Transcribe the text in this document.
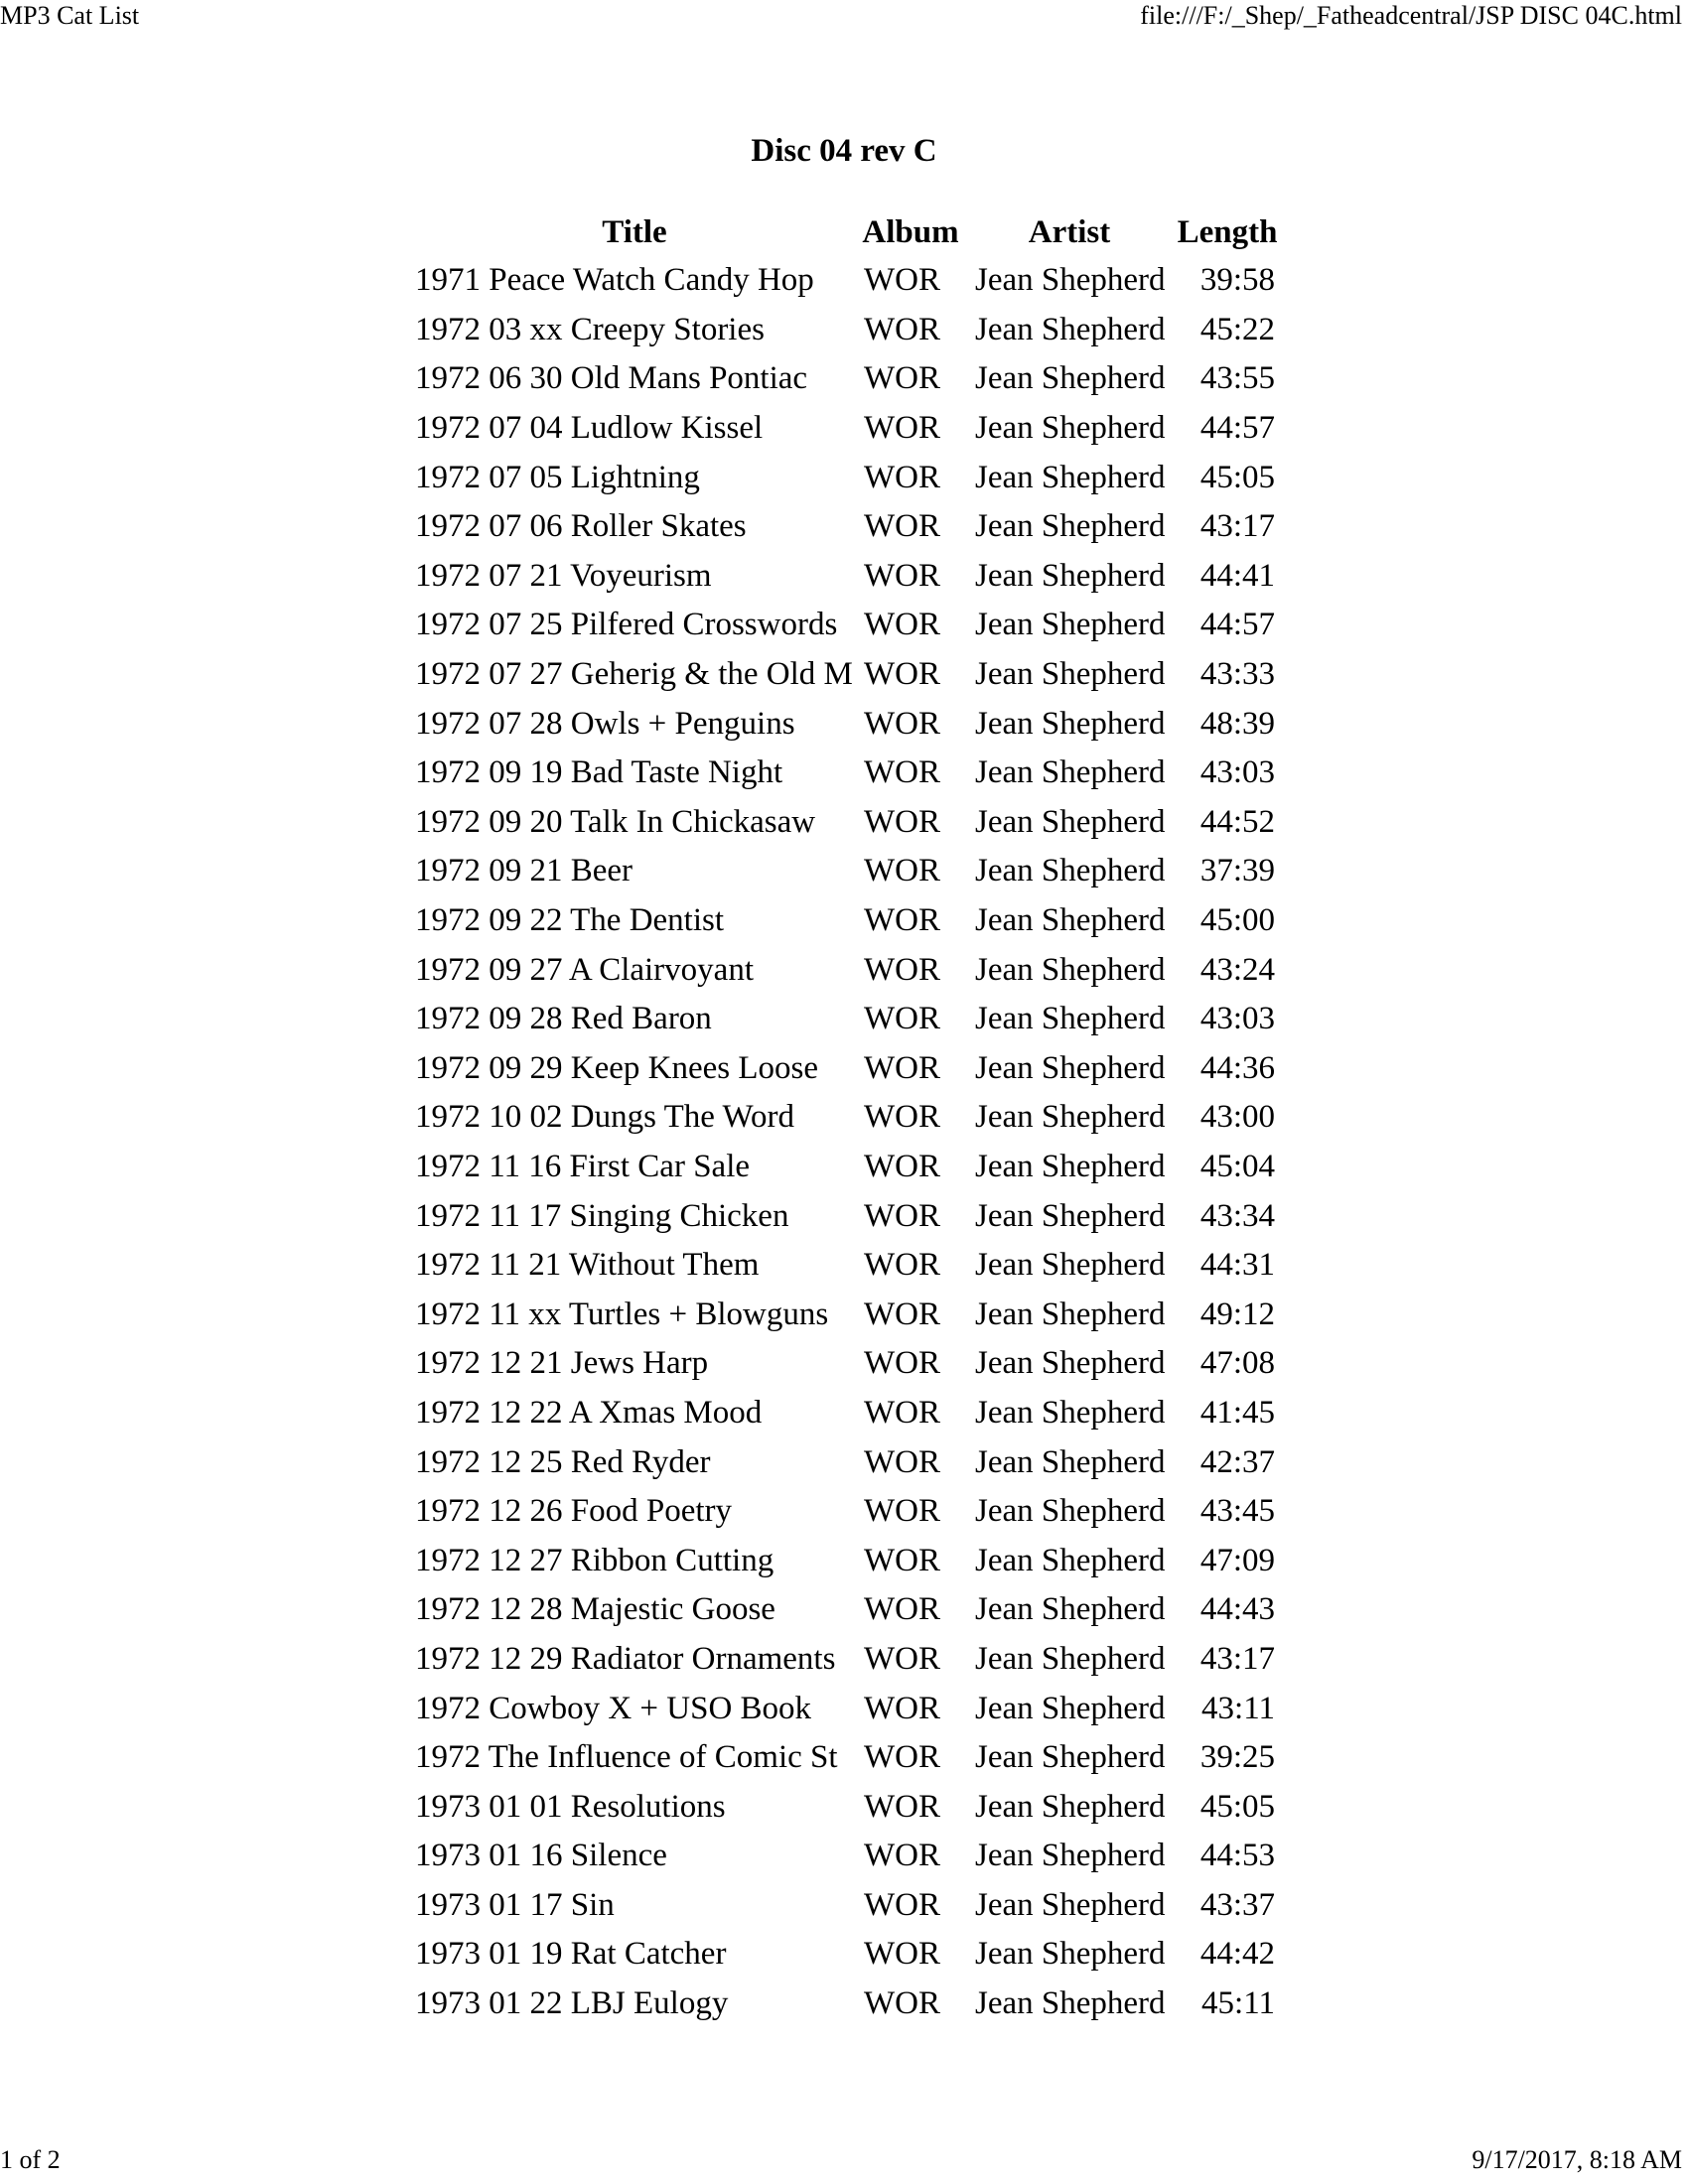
MP3 Cat List	file:///F:/_Shep/_Fatheadcentral/JSP DISC 04C.html
Disc 04 rev C
Title	Album	Artist	Length
1971 Peace Watch Candy Hop	WOR	Jean Shepherd	39:58
1972 03 xx Creepy Stories	WOR	Jean Shepherd	45:22
1972 06 30 Old Mans Pontiac	WOR	Jean Shepherd	43:55
1972 07 04 Ludlow Kissel	WOR	Jean Shepherd	44:57
1972 07 05 Lightning	WOR	Jean Shepherd	45:05
1972 07 06 Roller Skates	WOR	Jean Shepherd	43:17
1972 07 21 Voyeurism	WOR	Jean Shepherd	44:41
1972 07 25 Pilfered Crosswords	WOR	Jean Shepherd	44:57
1972 07 27 Geherig & the Old M	WOR	Jean Shepherd	43:33
1972 07 28 Owls + Penguins	WOR	Jean Shepherd	48:39
1972 09 19 Bad Taste Night	WOR	Jean Shepherd	43:03
1972 09 20 Talk In Chickasaw	WOR	Jean Shepherd	44:52
1972 09 21 Beer	WOR	Jean Shepherd	37:39
1972 09 22 The Dentist	WOR	Jean Shepherd	45:00
1972 09 27 A Clairvoyant	WOR	Jean Shepherd	43:24
1972 09 28 Red Baron	WOR	Jean Shepherd	43:03
1972 09 29 Keep Knees Loose	WOR	Jean Shepherd	44:36
1972 10 02 Dungs The Word	WOR	Jean Shepherd	43:00
1972 11 16 First Car Sale	WOR	Jean Shepherd	45:04
1972 11 17 Singing Chicken	WOR	Jean Shepherd	43:34
1972 11 21 Without Them	WOR	Jean Shepherd	44:31
1972 11 xx Turtles + Blowguns	WOR	Jean Shepherd	49:12
1972 12 21 Jews Harp	WOR	Jean Shepherd	47:08
1972 12 22 A Xmas Mood	WOR	Jean Shepherd	41:45
1972 12 25 Red Ryder	WOR	Jean Shepherd	42:37
1972 12 26 Food Poetry	WOR	Jean Shepherd	43:45
1972 12 27 Ribbon Cutting	WOR	Jean Shepherd	47:09
1972 12 28 Majestic Goose	WOR	Jean Shepherd	44:43
1972 12 29 Radiator Ornaments	WOR	Jean Shepherd	43:17
1972 Cowboy X + USO Book	WOR	Jean Shepherd	43:11
1972 The Influence of Comic St	WOR	Jean Shepherd	39:25
1973 01 01 Resolutions	WOR	Jean Shepherd	45:05
1973 01 16 Silence	WOR	Jean Shepherd	44:53
1973 01 17 Sin	WOR	Jean Shepherd	43:37
1973 01 19 Rat Catcher	WOR	Jean Shepherd	44:42
1973 01 22 LBJ Eulogy	WOR	Jean Shepherd	45:11
1 of 2	9/17/2017, 8:18 AM
